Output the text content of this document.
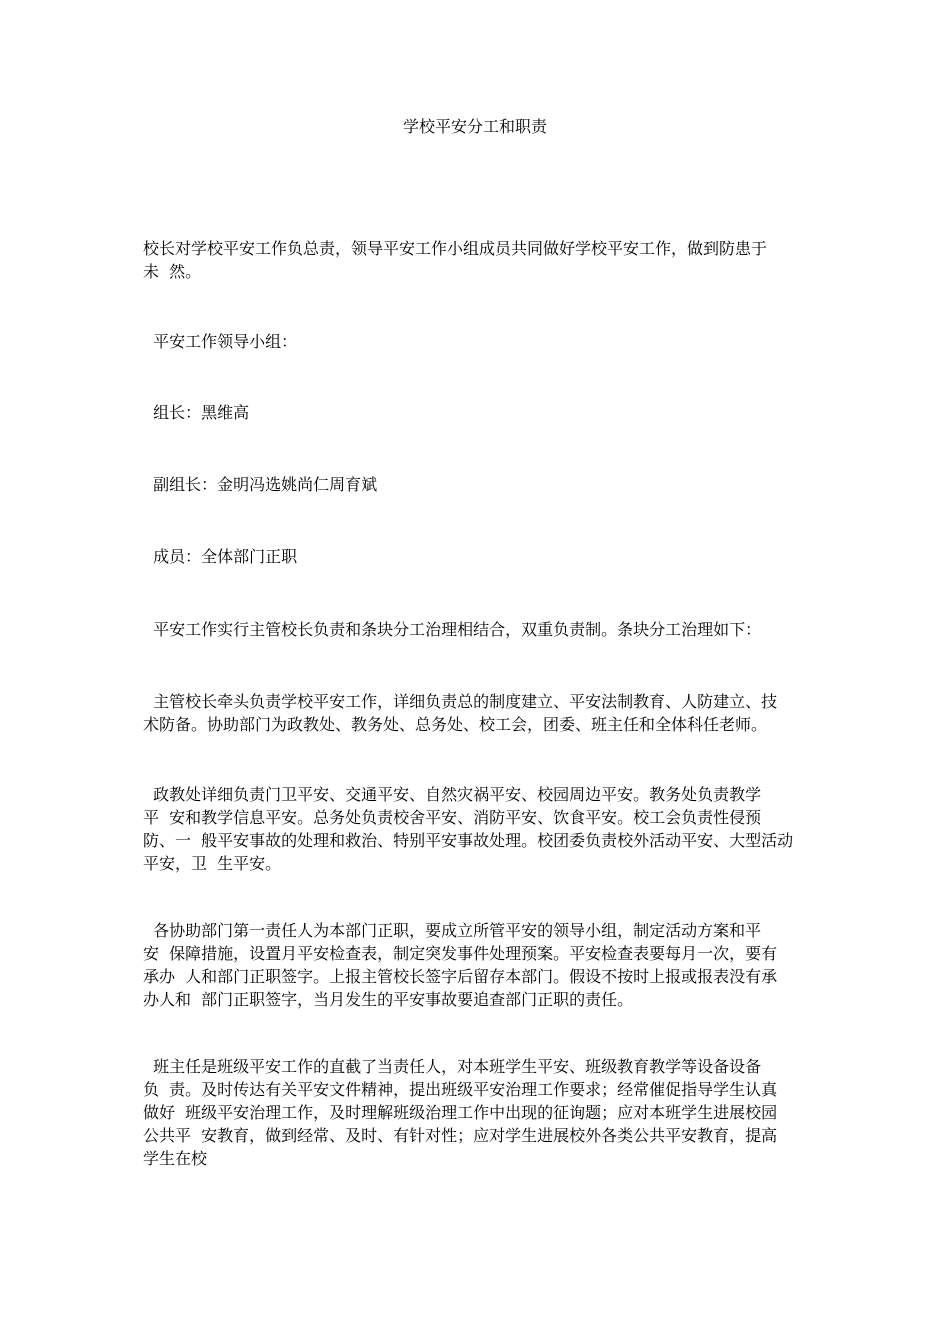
学校平安分工和职责
校长对学校平安工作负总责，领导平安工作小组成员共同做好学校平安工作，做到防患于
未  然。
平安工作领导小组：
组长：黑维高
副组长：金明冯选姚尚仁周育斌
成员：全体部门正职
平安工作实行主管校长负责和条块分工治理相结合，双重负责制。条块分工治理如下：
主管校长牵头负责学校平安工作，详细负责总的制度建立、平安法制教育、人防建立、技
术防备。协助部门为政教处、教务处、总务处、校工会，团委、班主任和全体科任老师。
政教处详细负责门卫平安、交通平安、自然灾祸平安、校园周边平安。教务处负责教学
平  安和教学信息平安。总务处负责校舍平安、消防平安、饮食平安。校工会负责性侵预
防、一  般平安事故的处理和救治、特别平安事故处理。校团委负责校外活动平安、大型活动
平安，卫  生平安。
各协助部门第一责任人为本部门正职，要成立所管平安的领导小组，制定活动方案和平
安  保障措施，设置月平安检查表，制定突发事件处理预案。平安检查表要每月一次，要有
承办  人和部门正职签字。上报主管校长签字后留存本部门。假设不按时上报或报表没有承
办人和  部门正职签字，当月发生的平安事故要追查部门正职的责任。
班主任是班级平安工作的直截了当责任人，对本班学生平安、班级教育教学等设备设备
负  责。及时传达有关平安文件精神，提出班级平安治理工作要求；经常催促指导学生认真
做好  班级平安治理工作，及时理解班级治理工作中出现的征询题；应对本班学生进展校园
公共平  安教育，做到经常、及时、有针对性；应对学生进展校外各类公共平安教育，提高
学生在校
